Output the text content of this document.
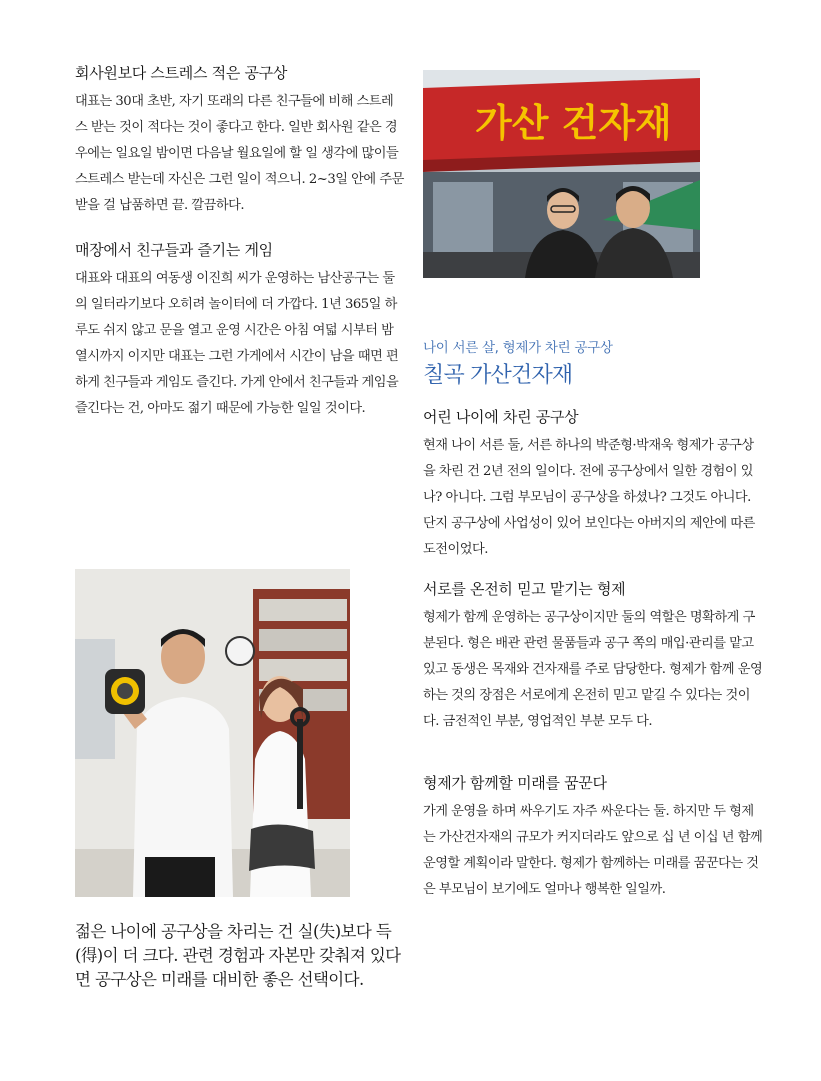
회사원보다 스트레스 적은 공구상

대표는 30대 초반, 자기 또래의 다른 친구들에 비해 스트레스 받는 것이 적다는 것이 좋다고 한다. 일반 회사원 같은 경우에는 일요일 밤이면 다음날 월요일에 할 일 생각에 많이들 스트레스 받는데 자신은 그런 일이 적으니. 2~3일 안에 주문 받을 걸 납품하면 끝. 깔끔하다.

매장에서 친구들과 즐기는 게임

대표와 대표의 여동생 이진희 씨가 운영하는 남산공구는 둘의 일터라기보다 오히려 놀이터에 더 가깝다. 1년 365일 하루도 쉬지 않고 문을 열고 운영 시간은 아침 여덟 시부터 밤 열시까지 이지만 대표는 그런 가게에서 시간이 남을 때면 편하게 친구들과 게임도 즐긴다. 가게 안에서 친구들과 게임을 즐긴다는 건, 아마도 젊기 때문에 가능한 일일 것이다.

가산 건자재
나이 서른 살, 형제가 차린 공구상
칠곡 가산건자재
어린 나이에 차린 공구상

현재 나이 서른 둘, 서른 하나의 박준형·박재욱 형제가 공구상을 차린 건 2년 전의 일이다. 전에 공구상에서 일한 경험이 있나? 아니다. 그럼 부모님이 공구상을 하셨나? 그것도 아니다. 단지 공구상에 사업성이 있어 보인다는 아버지의 제안에 따른 도전이었다.

서로를 온전히 믿고 맡기는 형제

형제가 함께 운영하는 공구상이지만 둘의 역할은 명확하게 구분된다. 형은 배관 관련 물품들과 공구 쪽의 매입·관리를 맡고 있고 동생은 목재와 건자재를 주로 담당한다. 형제가 함께 운영하는 것의 장점은 서로에게 온전히 믿고 맡길 수 있다는 것이다. 금전적인 부분, 영업적인 부분 모두 다.

형제가 함께할 미래를 꿈꾼다

가게 운영을 하며 싸우기도 자주 싸운다는 둘. 하지만 두 형제는 가산건자재의 규모가 커지더라도 앞으로 십 년 이십 년 함께 운영할 계획이라 말한다. 형제가 함께하는 미래를 꿈꾼다는 것은 부모님이 보기에도 얼마나 행복한 일일까.

젊은 나이에 공구상을 차리는 건 실(失)보다 득(得)이 더 크다. 관련 경험과 자본만 갖춰져 있다면 공구상은 미래를 대비한 좋은 선택이다.
